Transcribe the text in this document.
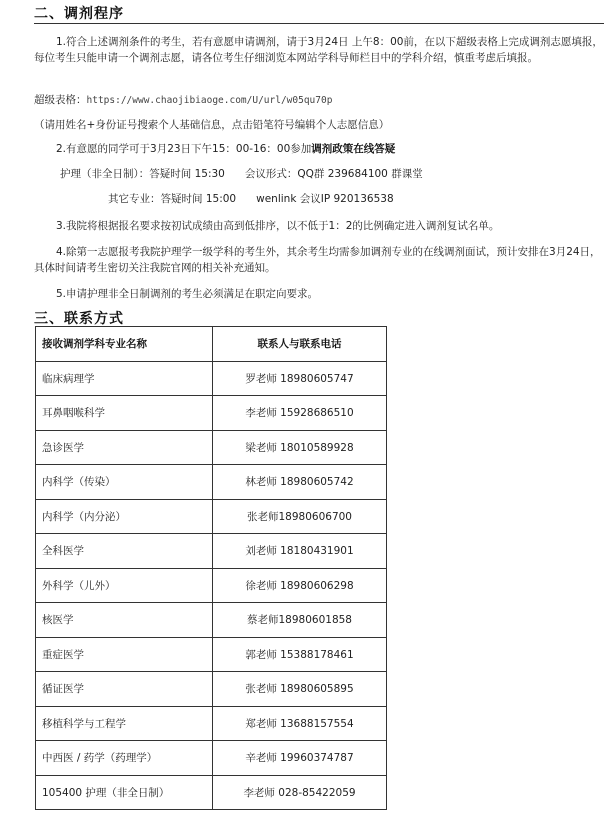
二、调剂程序
1.符合上述调剂条件的考生，若有意愿申请调剂，请于3月24日 上午8：00前，在以下超级表格上完成调剂志愿填报，每位考生只能申请一个调剂志愿，请各位考生仔细浏览本网站学科导师栏目中的学科介绍，慎重考虑后填报。
超级表格：https://www.chaojibiaoge.com/U/url/w05qu70p
（请用姓名+身份证号搜索个人基础信息，点击铅笔符号编辑个人志愿信息）
2.有意愿的同学可于3月23日下午15：00-16：00参加调剂政策在线答疑
护理（非全日制）：答疑时间 15:30      会议形式：QQ群 239684100 群课堂
其它专业：答疑时间 15:00      wenlink 会议IP 920136538
3.我院将根据报名要求按初试成绩由高到低排序，以不低于1：2的比例确定进入调剂复试名单。
4.除第一志愿报考我院护理学一级学科的考生外，其余考生均需参加调剂专业的在线调剂面试，预计安排在3月24日，具体时间请考生密切关注我院官网的相关补充通知。
5.申请护理非全日制调剂的考生必须满足在职定向要求。
三、联系方式
接收调剂学科专业名称	联系人与联系电话
临床病理学	罗老师 18980605747
耳鼻咽喉科学	李老师 15928686510
急诊医学	梁老师 18010589928
内科学（传染）	林老师 18980605742
内科学（内分泌）	张老师18980606700
全科医学	刘老师 18180431901
外科学（儿外）	徐老师 18980606298
核医学	蔡老师18980601858
重症医学	郭老师 15388178461
循证医学	张老师 18980605895
移植科学与工程学	郑老师 13688157554
中西医 / 药学（药理学）	辛老师 19960374787
105400 护理（非全日制）	李老师 028-85422059
